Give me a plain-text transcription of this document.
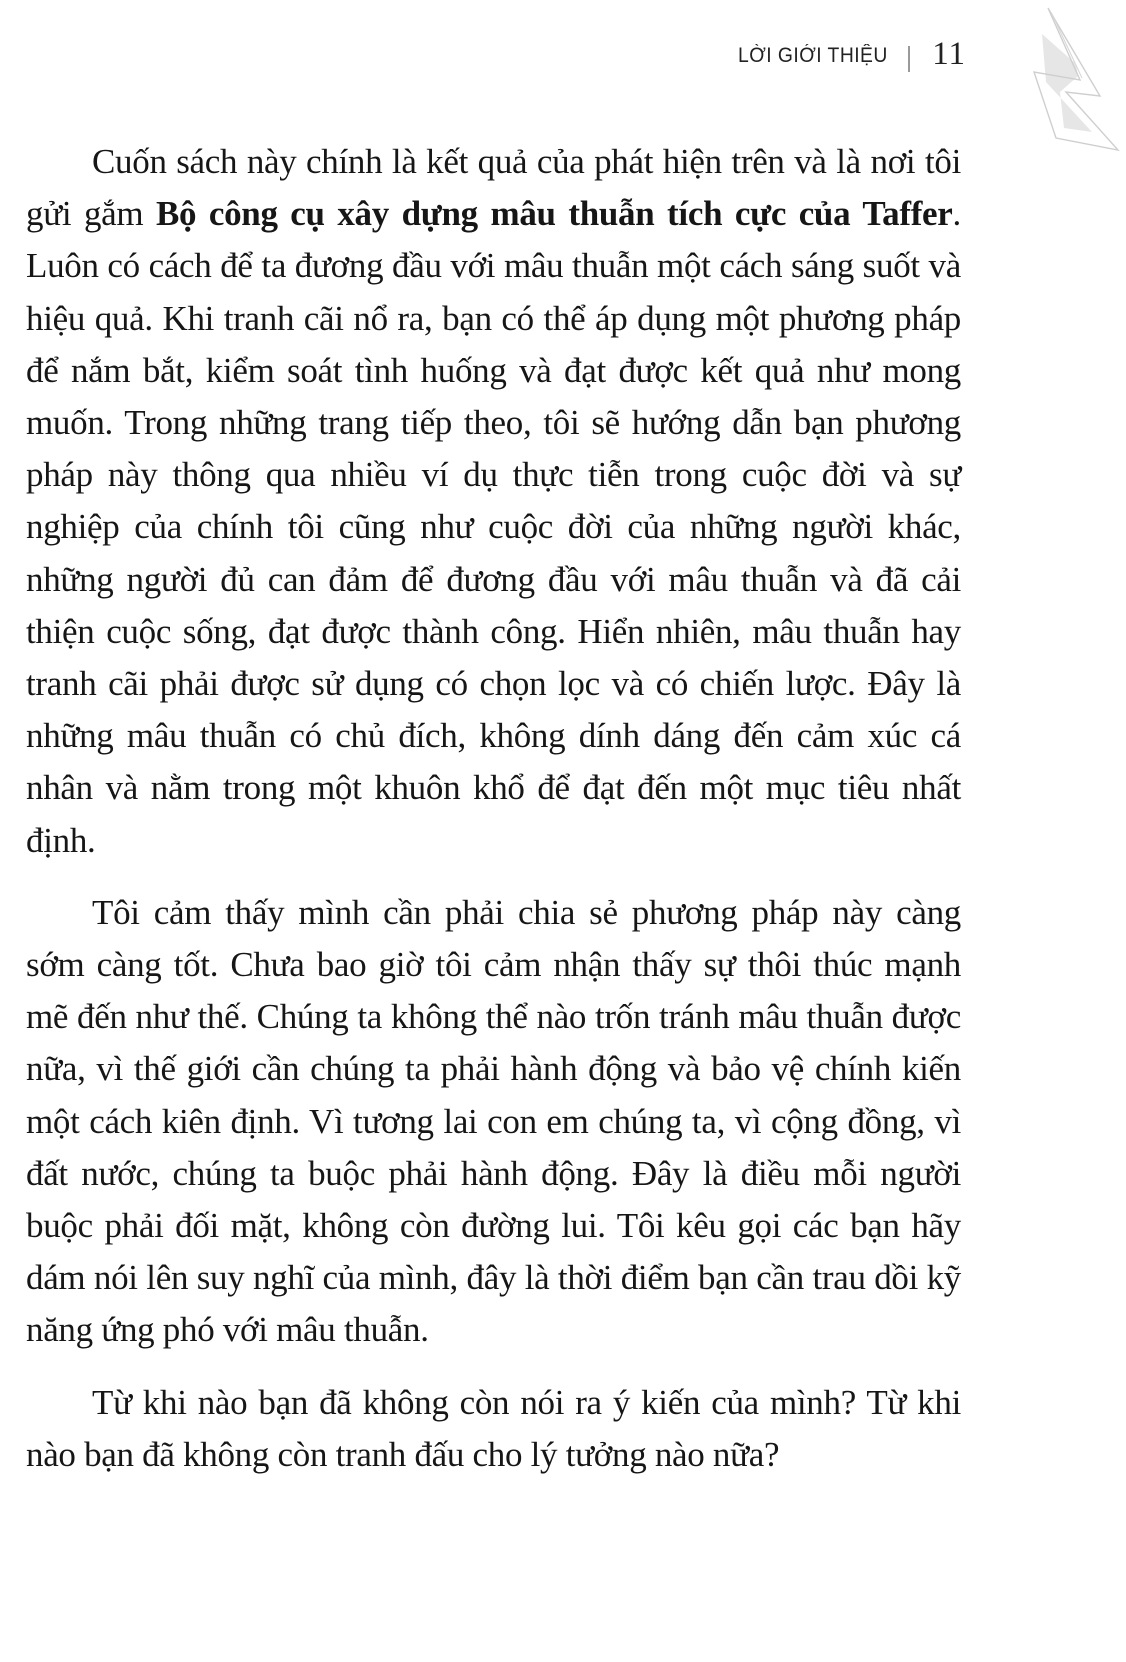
LỜI GIỚI THIỆU 11

Cuốn sách này chính là kết quả của phát hiện trên và là nơi tôi gửi gắm Bộ công cụ xây dựng mâu thuẫn tích cực của Taffer. Luôn có cách để ta đương đầu với mâu thuẫn một cách sáng suốt và hiệu quả. Khi tranh cãi nổ ra, bạn có thể áp dụng một phương pháp để nắm bắt, kiểm soát tình huống và đạt được kết quả như mong muốn. Trong những trang tiếp theo, tôi sẽ hướng dẫn bạn phương pháp này thông qua nhiều ví dụ thực tiễn trong cuộc đời và sự nghiệp của chính tôi cũng như cuộc đời của những người khác, những người đủ can đảm để đương đầu với mâu thuẫn và đã cải thiện cuộc sống, đạt được thành công. Hiển nhiên, mâu thuẫn hay tranh cãi phải được sử dụng có chọn lọc và có chiến lược. Đây là những mâu thuẫn có chủ đích, không dính dáng đến cảm xúc cá nhân và nằm trong một khuôn khổ để đạt đến một mục tiêu nhất định.

Tôi cảm thấy mình cần phải chia sẻ phương pháp này càng sớm càng tốt. Chưa bao giờ tôi cảm nhận thấy sự thôi thúc mạnh mẽ đến như thế. Chúng ta không thể nào trốn tránh mâu thuẫn được nữa, vì thế giới cần chúng ta phải hành động và bảo vệ chính kiến một cách kiên định. Vì tương lai con em chúng ta, vì cộng đồng, vì đất nước, chúng ta buộc phải hành động. Đây là điều mỗi người buộc phải đối mặt, không còn đường lui. Tôi kêu gọi các bạn hãy dám nói lên suy nghĩ của mình, đây là thời điểm bạn cần trau dồi kỹ năng ứng phó với mâu thuẫn.

Từ khi nào bạn đã không còn nói ra ý kiến của mình? Từ khi nào bạn đã không còn tranh đấu cho lý tưởng nào nữa?
